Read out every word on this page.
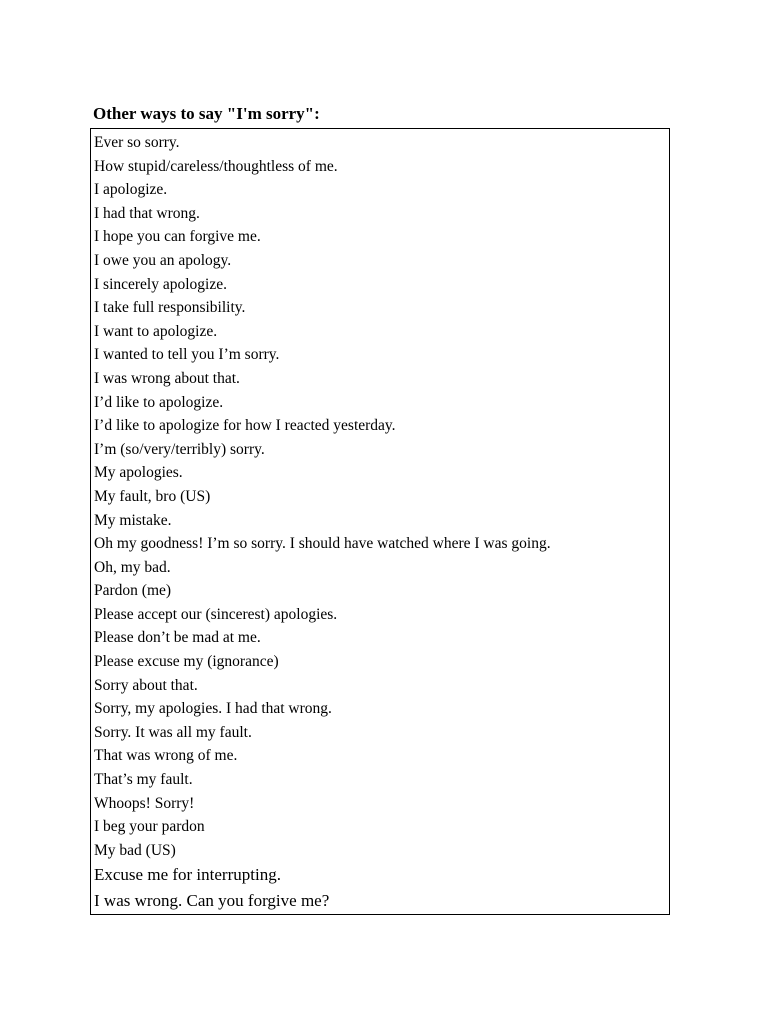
Other ways to say "I'm sorry":
Ever so sorry.
How stupid/careless/thoughtless of me.
I apologize.
I had that wrong.
I hope you can forgive me.
I owe you an apology.
I sincerely apologize.
I take full responsibility.
I want to apologize.
I wanted to tell you I’m sorry.
I was wrong about that.
I’d like to apologize.
I’d like to apologize for how I reacted yesterday.
I’m (so/very/terribly) sorry.
My apologies.
My fault, bro (US)
My mistake.
Oh my goodness! I’m so sorry. I should have watched where I was going.
Oh, my bad.
Pardon (me)
Please accept our (sincerest) apologies.
Please don’t be mad at me.
Please excuse my (ignorance)
Sorry about that.
Sorry, my apologies. I had that wrong.
Sorry. It was all my fault.
That was wrong of me.
That’s my fault.
Whoops! Sorry!
I beg your pardon
My bad (US)
Excuse me for interrupting.
I was wrong. Can you forgive me?
